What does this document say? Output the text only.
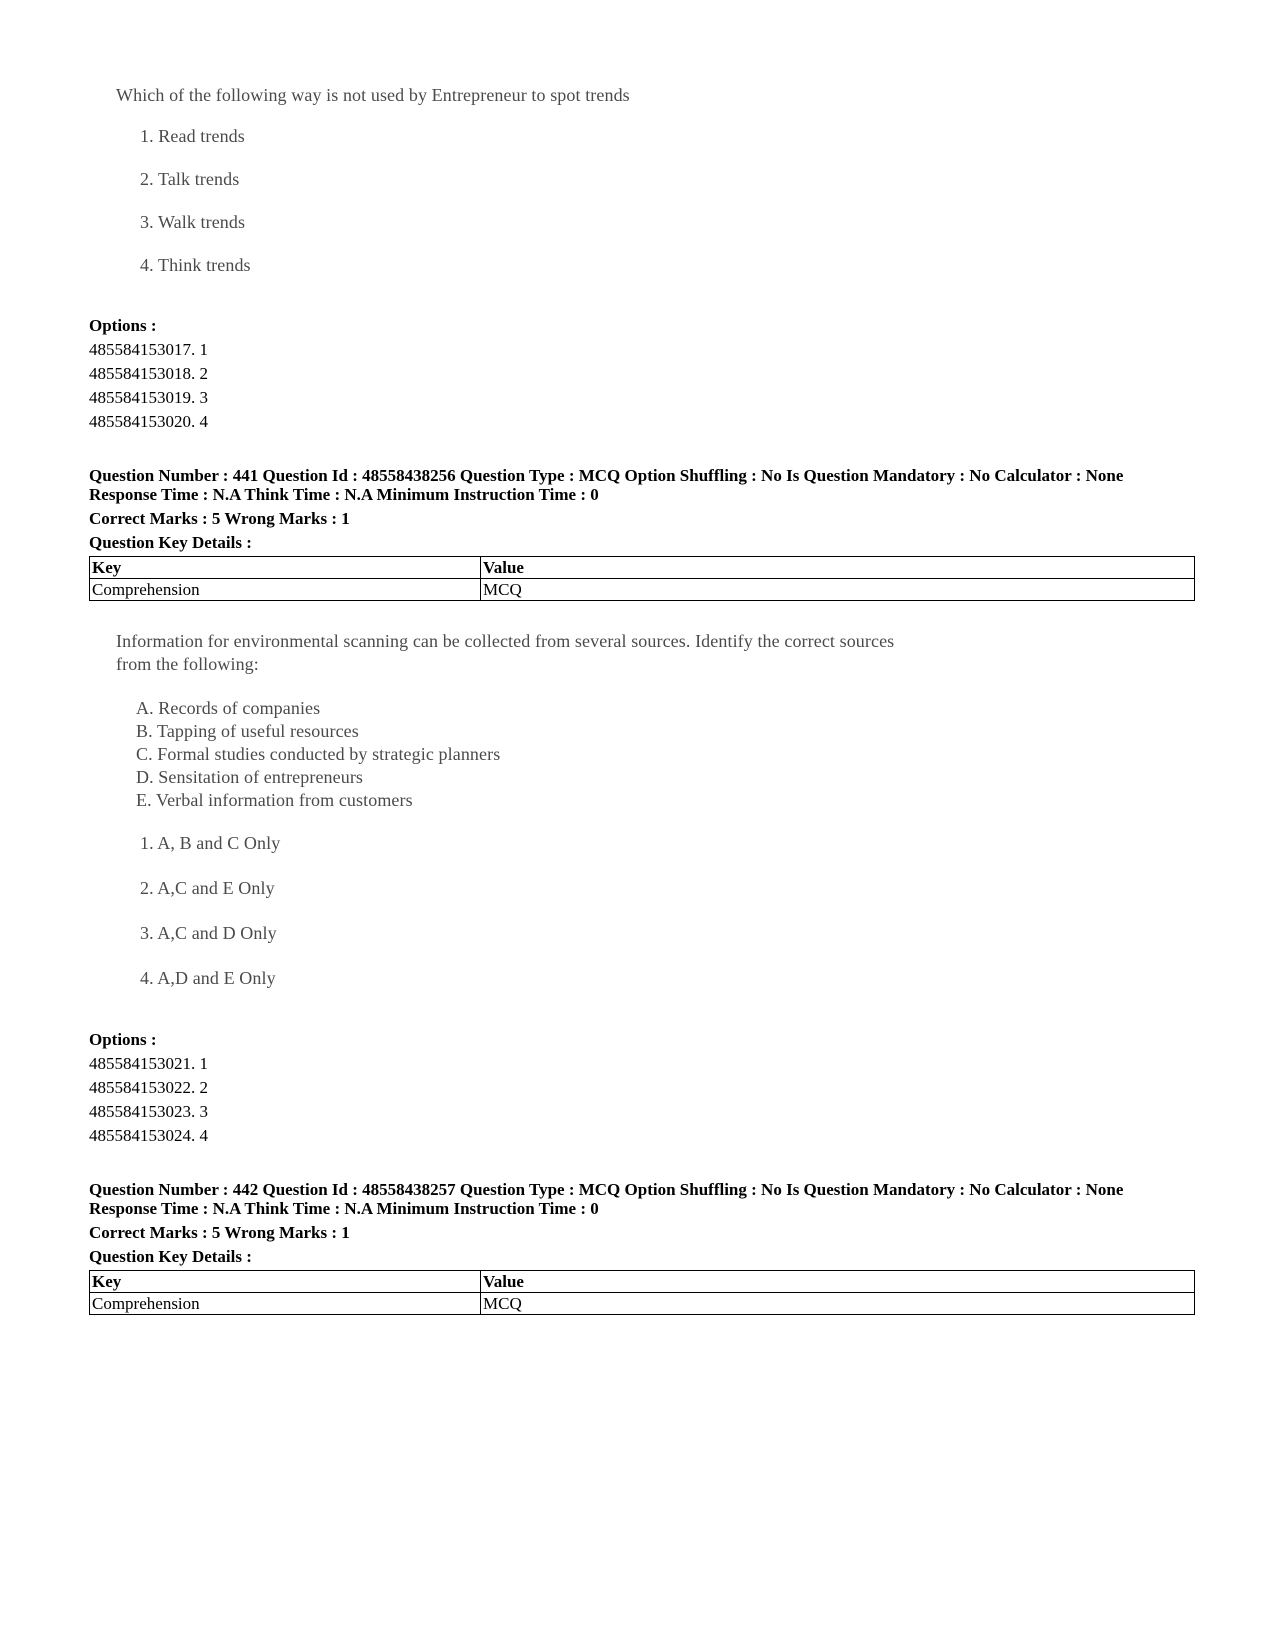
Which of the following way is not used by Entrepreneur to spot trends
1. Read trends
2. Talk trends
3. Walk trends
4. Think trends
Options :
485584153017. 1
485584153018. 2
485584153019. 3
485584153020. 4
Question Number : 441 Question Id : 48558438256 Question Type : MCQ Option Shuffling : No Is Question Mandatory : No Calculator : None
Response Time : N.A Think Time : N.A Minimum Instruction Time : 0
Correct Marks : 5 Wrong Marks : 1
Question Key Details :
Key	Value
Comprehension	MCQ
Information for environmental scanning can be collected from several sources. Identify the correct sources
from the following:
A. Records of companies
B. Tapping of useful resources
C. Formal studies conducted by strategic planners
D. Sensitation of entrepreneurs
E. Verbal information from customers
1. A, B and C Only
2. A,C and E Only
3. A,C and D Only
4. A,D and E Only
Options :
485584153021. 1
485584153022. 2
485584153023. 3
485584153024. 4
Question Number : 442 Question Id : 48558438257 Question Type : MCQ Option Shuffling : No Is Question Mandatory : No Calculator : None
Response Time : N.A Think Time : N.A Minimum Instruction Time : 0
Correct Marks : 5 Wrong Marks : 1
Question Key Details :
Key	Value
Comprehension	MCQ
